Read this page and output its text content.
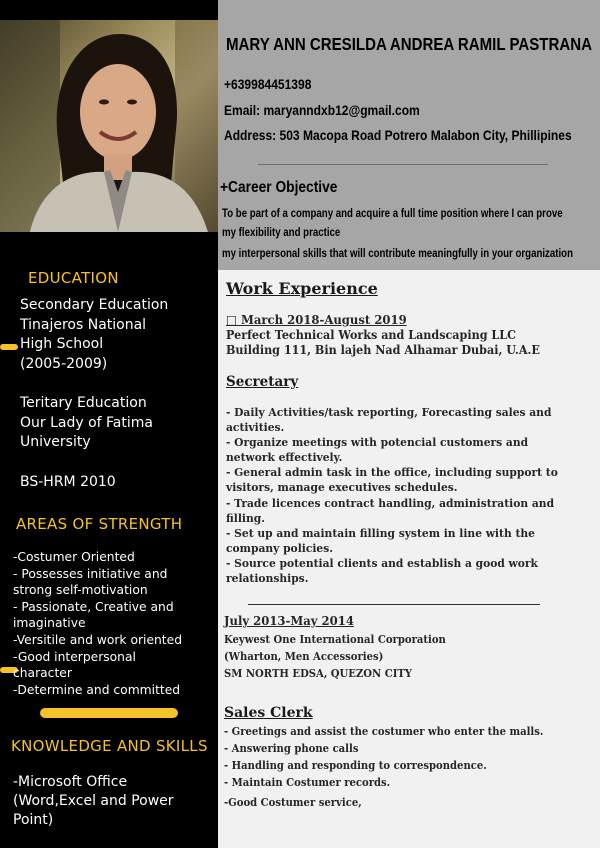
EDUCATION
Secondary Education
Tinajeros National
High School
(2005-2009)
Teritary Education
Our Lady of Fatima
University
BS-HRM 2010
AREAS OF STRENGTH
-Costumer Oriented
- Possesses initiative and
strong self-motivation
- Passionate, Creative and
imaginative
-Versitile and work oriented
-Good interpersonal
character
-Determine and committed
KNOWLEDGE AND SKILLS
-Microsoft Office
(Word,Excel and Power
Point)
MARY ANN CRESILDA ANDREA RAMIL PASTRANA
+639984451398
Email: maryanndxb12@gmail.com
Address: 503 Macopa Road Potrero Malabon City, Phillipines
+Career Objective
To be part of a company and acquire a full time position where I can prove
my flexibility and practice
my interpersonal skills that will contribute meaningfully in your organization
Work Experience
□ March 2018-August 2019
Perfect Technical Works and Landscaping LLC
Building 111, Bin lajeh Nad Alhamar Dubai, U.A.E
Secretary
- Daily Activities/task reporting, Forecasting sales and
activities.
- Organize meetings with potencial customers and
network effectively.
- General admin task in the office, including support to
visitors, manage executives schedules.
- Trade licences contract handling, administration and
filling.
- Set up and maintain filling system in line with the
company policies.
- Source potential clients and establish a good work
relationships.
July 2013-May 2014
Keywest One International Corporation
(Wharton, Men Accessories)
SM NORTH EDSA, QUEZON CITY
Sales Clerk
- Greetings and assist the costumer who enter the malls.
- Answering phone calls
- Handling and responding to correspondence.
- Maintain Costumer records.
-Good Costumer service,
